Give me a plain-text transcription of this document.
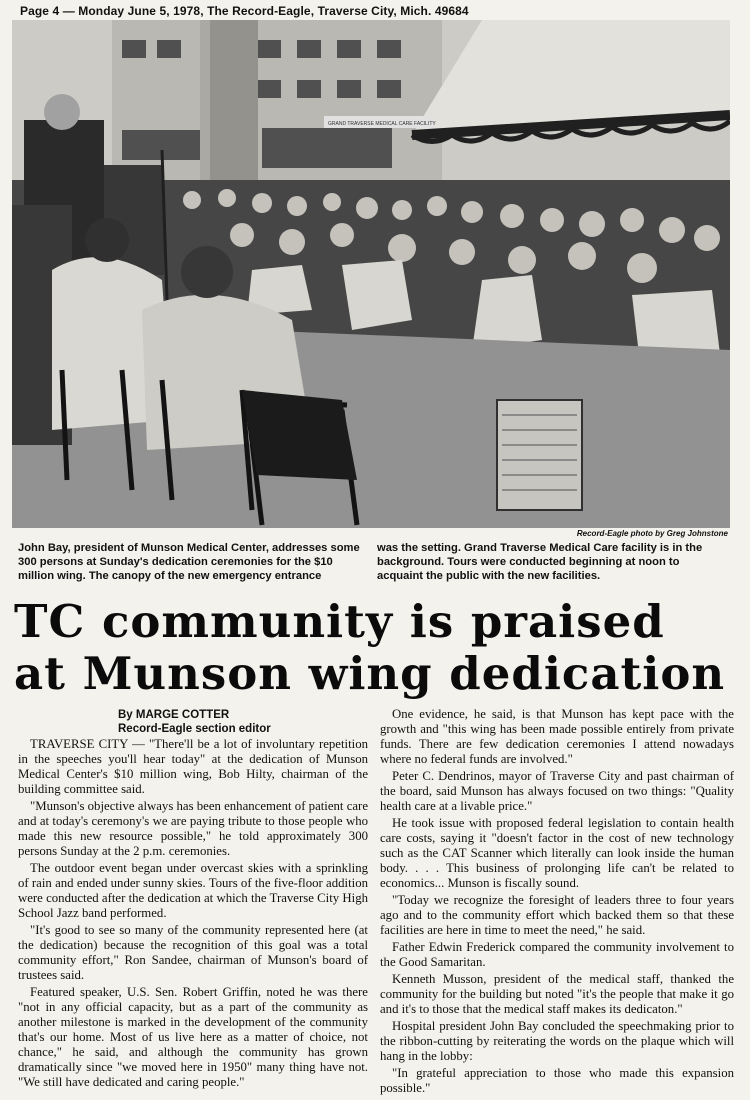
Page 4 — Monday June 5, 1978, The Record-Eagle, Traverse City, Mich. 49684
GRAND TRAVERSE MEDICAL CARE FACILITY
Record-Eagle photo by Greg Johnstone
John Bay, president of Munson Medical Center, addresses some 300 persons at Sunday's dedication ceremonies for the $10 million wing. The canopy of the new emergency entrance
was the setting. Grand Traverse Medical Care facility is in the background. Tours were conducted beginning at noon to acquaint the public with the new facilities.
TC community is praised
at Munson wing dedication
By MARGE COTTER
Record-Eagle section editor

TRAVERSE CITY — "There'll be a lot of involuntary repetition in the speeches you'll hear today" at the dedication of Munson Medical Center's $10 million wing, Bob Hilty, chairman of the building committee said.

"Munson's objective always has been enhancement of patient care and at today's ceremony's we are paying tribute to those people who made this new resource possible," he told approximately 300 persons Sunday at the 2 p.m. ceremonies.

The outdoor event began under overcast skies with a sprinkling of rain and ended under sunny skies. Tours of the five-floor addition were conducted after the dedication at which the Traverse City High School Jazz band performed.

"It's good to see so many of the community represented here (at the dedication) because the recognition of this goal was a total community effort," Ron Sandee, chairman of Munson's board of trustees said.

Featured speaker, U.S. Sen. Robert Griffin, noted he was there "not in any official capacity, but as a part of the community as another milestone is marked in the development of the community that's our home. Most of us live here as a matter of choice, not chance," he said, and although the community has grown dramatically since "we moved here in 1950" many thing have not. "We still have dedicated and caring people."

One evidence, he said, is that Munson has kept pace with the growth and "this wing has been made possible entirely from private funds. There are few dedication ceremonies I attend nowadays where no federal funds are involved."

Peter C. Dendrinos, mayor of Traverse City and past chairman of the board, said Munson has always focused on two things: "Quality health care at a livable price."

He took issue with proposed federal legislation to contain health care costs, saying it "doesn't factor in the cost of new technology such as the CAT Scanner which literally can look inside the human body. . . . This business of prolonging life can't be related to economics... Munson is fiscally sound.

"Today we recognize the foresight of leaders three to four years ago and to the community effort which backed them so that these facilities are here in time to meet the need," he said.

Father Edwin Frederick compared the community involvement to the Good Samaritan.

Kenneth Musson, president of the medical staff, thanked the community for the building but noted "it's the people that make it go and it's to those that the medical staff makes its dedicaton."

Hospital president John Bay concluded the speechmaking prior to the ribbon-cutting by reiterating the words on the plaque which will hang in the lobby:

"In grateful appreciation to those who made this expansion possible."
